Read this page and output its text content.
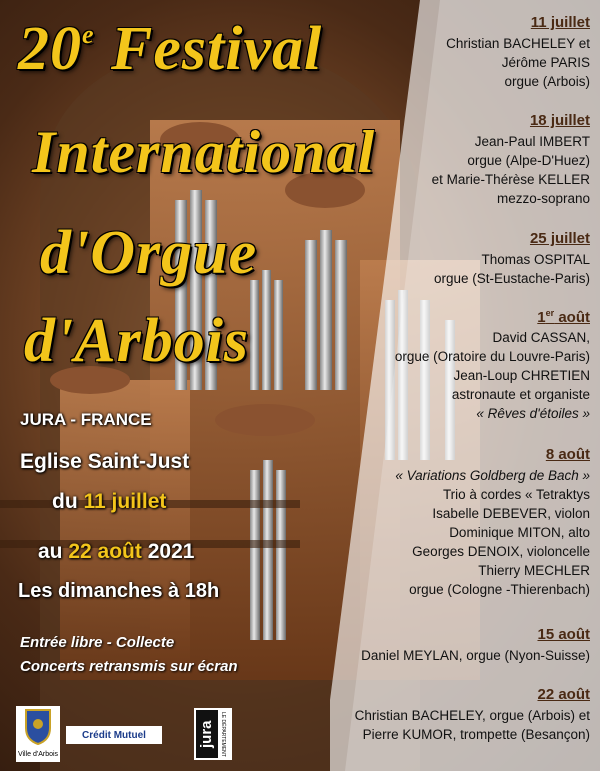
20e Festival
International
d'Orgue
d'Arbois
JURA - FRANCE
Eglise Saint-Just
du 11 juillet
au 22 août 2021
Les dimanches à 18h
Entrée libre - Collecte
Concerts retransmis sur écran
11 juillet
Christian BACHELEY et
Jérôme PARIS
orgue (Arbois)
18 juillet
Jean-Paul IMBERT
orgue (Alpe-D'Huez)
et Marie-Thérèse KELLER
mezzo-soprano
25 juillet
Thomas OSPITAL
orgue (St-Eustache-Paris)
1er août
David CASSAN,
orgue (Oratoire du Louvre-Paris)
Jean-Loup CHRETIEN
astronaute et organiste
« Rêves d'étoiles »
8 août
« Variations Goldberg de Bach »
Trio à cordes « Tetraktys
Isabelle DEBEVER, violon
Dominique MITON, alto
Georges DENOIX, violoncelle
Thierry MECHLER
orgue (Cologne -Thierenbach)
15 août
Daniel MEYLAN, orgue (Nyon-Suisse)
22 août
Christian BACHELEY, orgue (Arbois) et
Pierre KUMOR, trompette (Besançon)
Ville d'Arbois
Crédit Mutuel	jura	LE DÉPARTEMENT
